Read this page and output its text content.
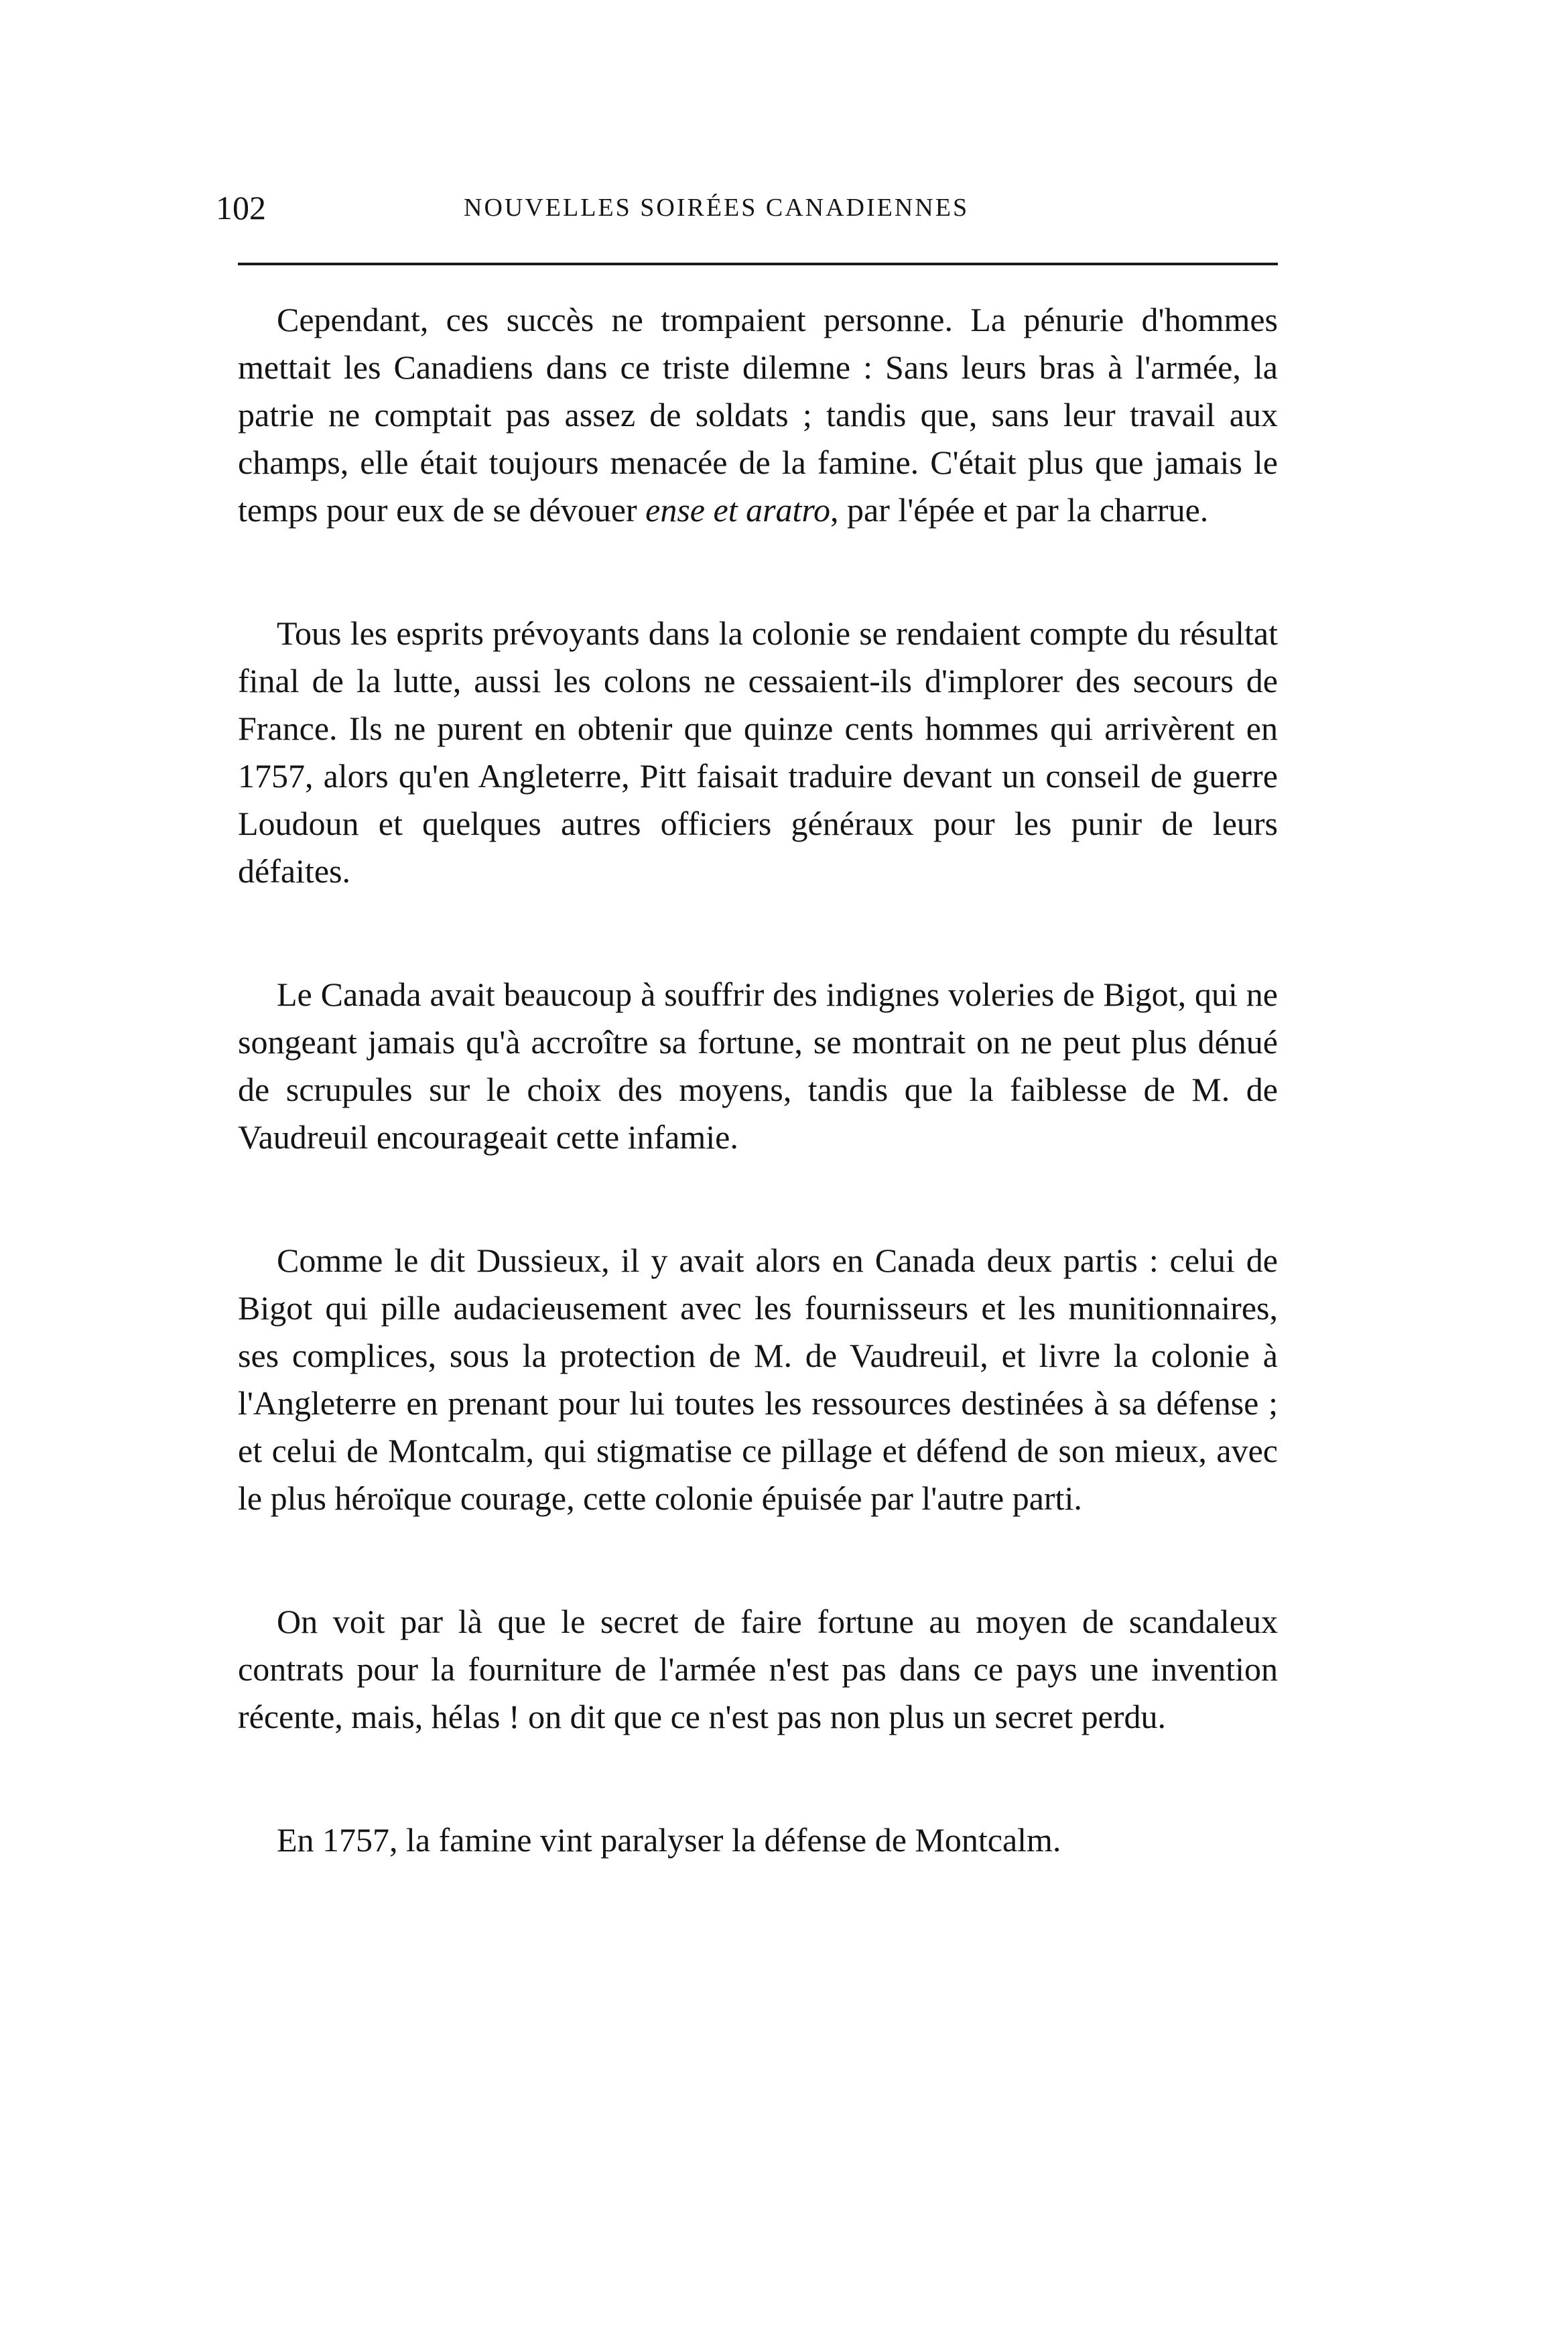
102	NOUVELLES SOIRÉES CANADIENNES

Cependant, ces succès ne trompaient personne. La pénurie d'hommes mettait les Canadiens dans ce triste dilemne : Sans leurs bras à l'armée, la patrie ne comptait pas assez de soldats ; tandis que, sans leur travail aux champs, elle était toujours menacée de la famine. C'était plus que jamais le temps pour eux de se dévouer ense et aratro, par l'épée et par la charrue.

Tous les esprits prévoyants dans la colonie se rendaient compte du résultat final de la lutte, aussi les colons ne cessaient-ils d'implorer des secours de France. Ils ne purent en obtenir que quinze cents hommes qui arrivèrent en 1757, alors qu'en Angleterre, Pitt faisait traduire devant un conseil de guerre Loudoun et quelques autres officiers généraux pour les punir de leurs défaites.

Le Canada avait beaucoup à souffrir des indignes voleries de Bigot, qui ne songeant jamais qu'à accroître sa fortune, se montrait on ne peut plus dénué de scrupules sur le choix des moyens, tandis que la faiblesse de M. de Vaudreuil encourageait cette infamie.

Comme le dit Dussieux, il y avait alors en Canada deux partis : celui de Bigot qui pille audacieusement avec les fournisseurs et les munitionnaires, ses complices, sous la protection de M. de Vaudreuil, et livre la colonie à l'Angleterre en prenant pour lui toutes les ressources destinées à sa défense ; et celui de Montcalm, qui stigmatise ce pillage et défend de son mieux, avec le plus héroïque courage, cette colonie épuisée par l'autre parti.

On voit par là que le secret de faire fortune au moyen de scandaleux contrats pour la fourniture de l'armée n'est pas dans ce pays une invention récente, mais, hélas ! on dit que ce n'est pas non plus un secret perdu.

En 1757, la famine vint paralyser la défense de Montcalm.
